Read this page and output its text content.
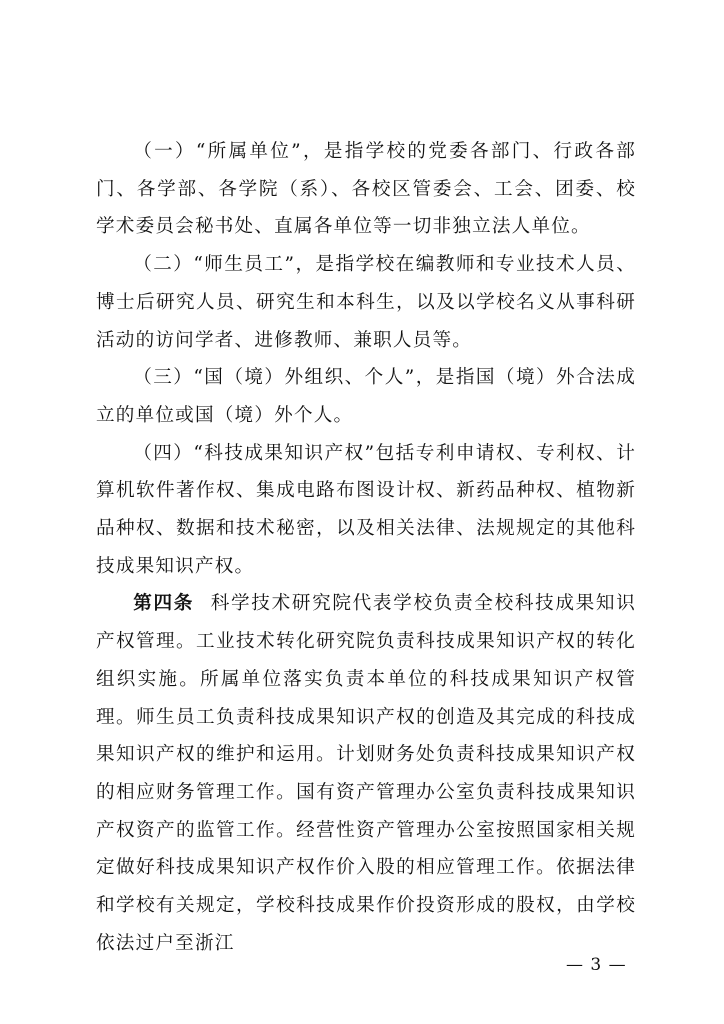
（一）“所属单位”，是指学校的党委各部门、行政各部门、各学部、各学院（系）、各校区管委会、工会、团委、校学术委员会秘书处、直属各单位等一切非独立法人单位。

（二）“师生员工”，是指学校在编教师和专业技术人员、博士后研究人员、研究生和本科生，以及以学校名义从事科研活动的访问学者、进修教师、兼职人员等。

（三）“国（境）外组织、个人”，是指国（境）外合法成立的单位或国（境）外个人。

（四）“科技成果知识产权”包括专利申请权、专利权、计算机软件著作权、集成电路布图设计权、新药品种权、植物新品种权、数据和技术秘密，以及相关法律、法规规定的其他科技成果知识产权。

第四条 科学技术研究院代表学校负责全校科技成果知识产权管理。工业技术转化研究院负责科技成果知识产权的转化组织实施。所属单位落实负责本单位的科技成果知识产权管理。师生员工负责科技成果知识产权的创造及其完成的科技成果知识产权的维护和运用。计划财务处负责科技成果知识产权的相应财务管理工作。国有资产管理办公室负责科技成果知识产权资产的监管工作。经营性资产管理办公室按照国家相关规定做好科技成果知识产权作价入股的相应管理工作。依据法律和学校有关规定，学校科技成果作价投资形成的股权，由学校依法过户至浙江

— 3 —
